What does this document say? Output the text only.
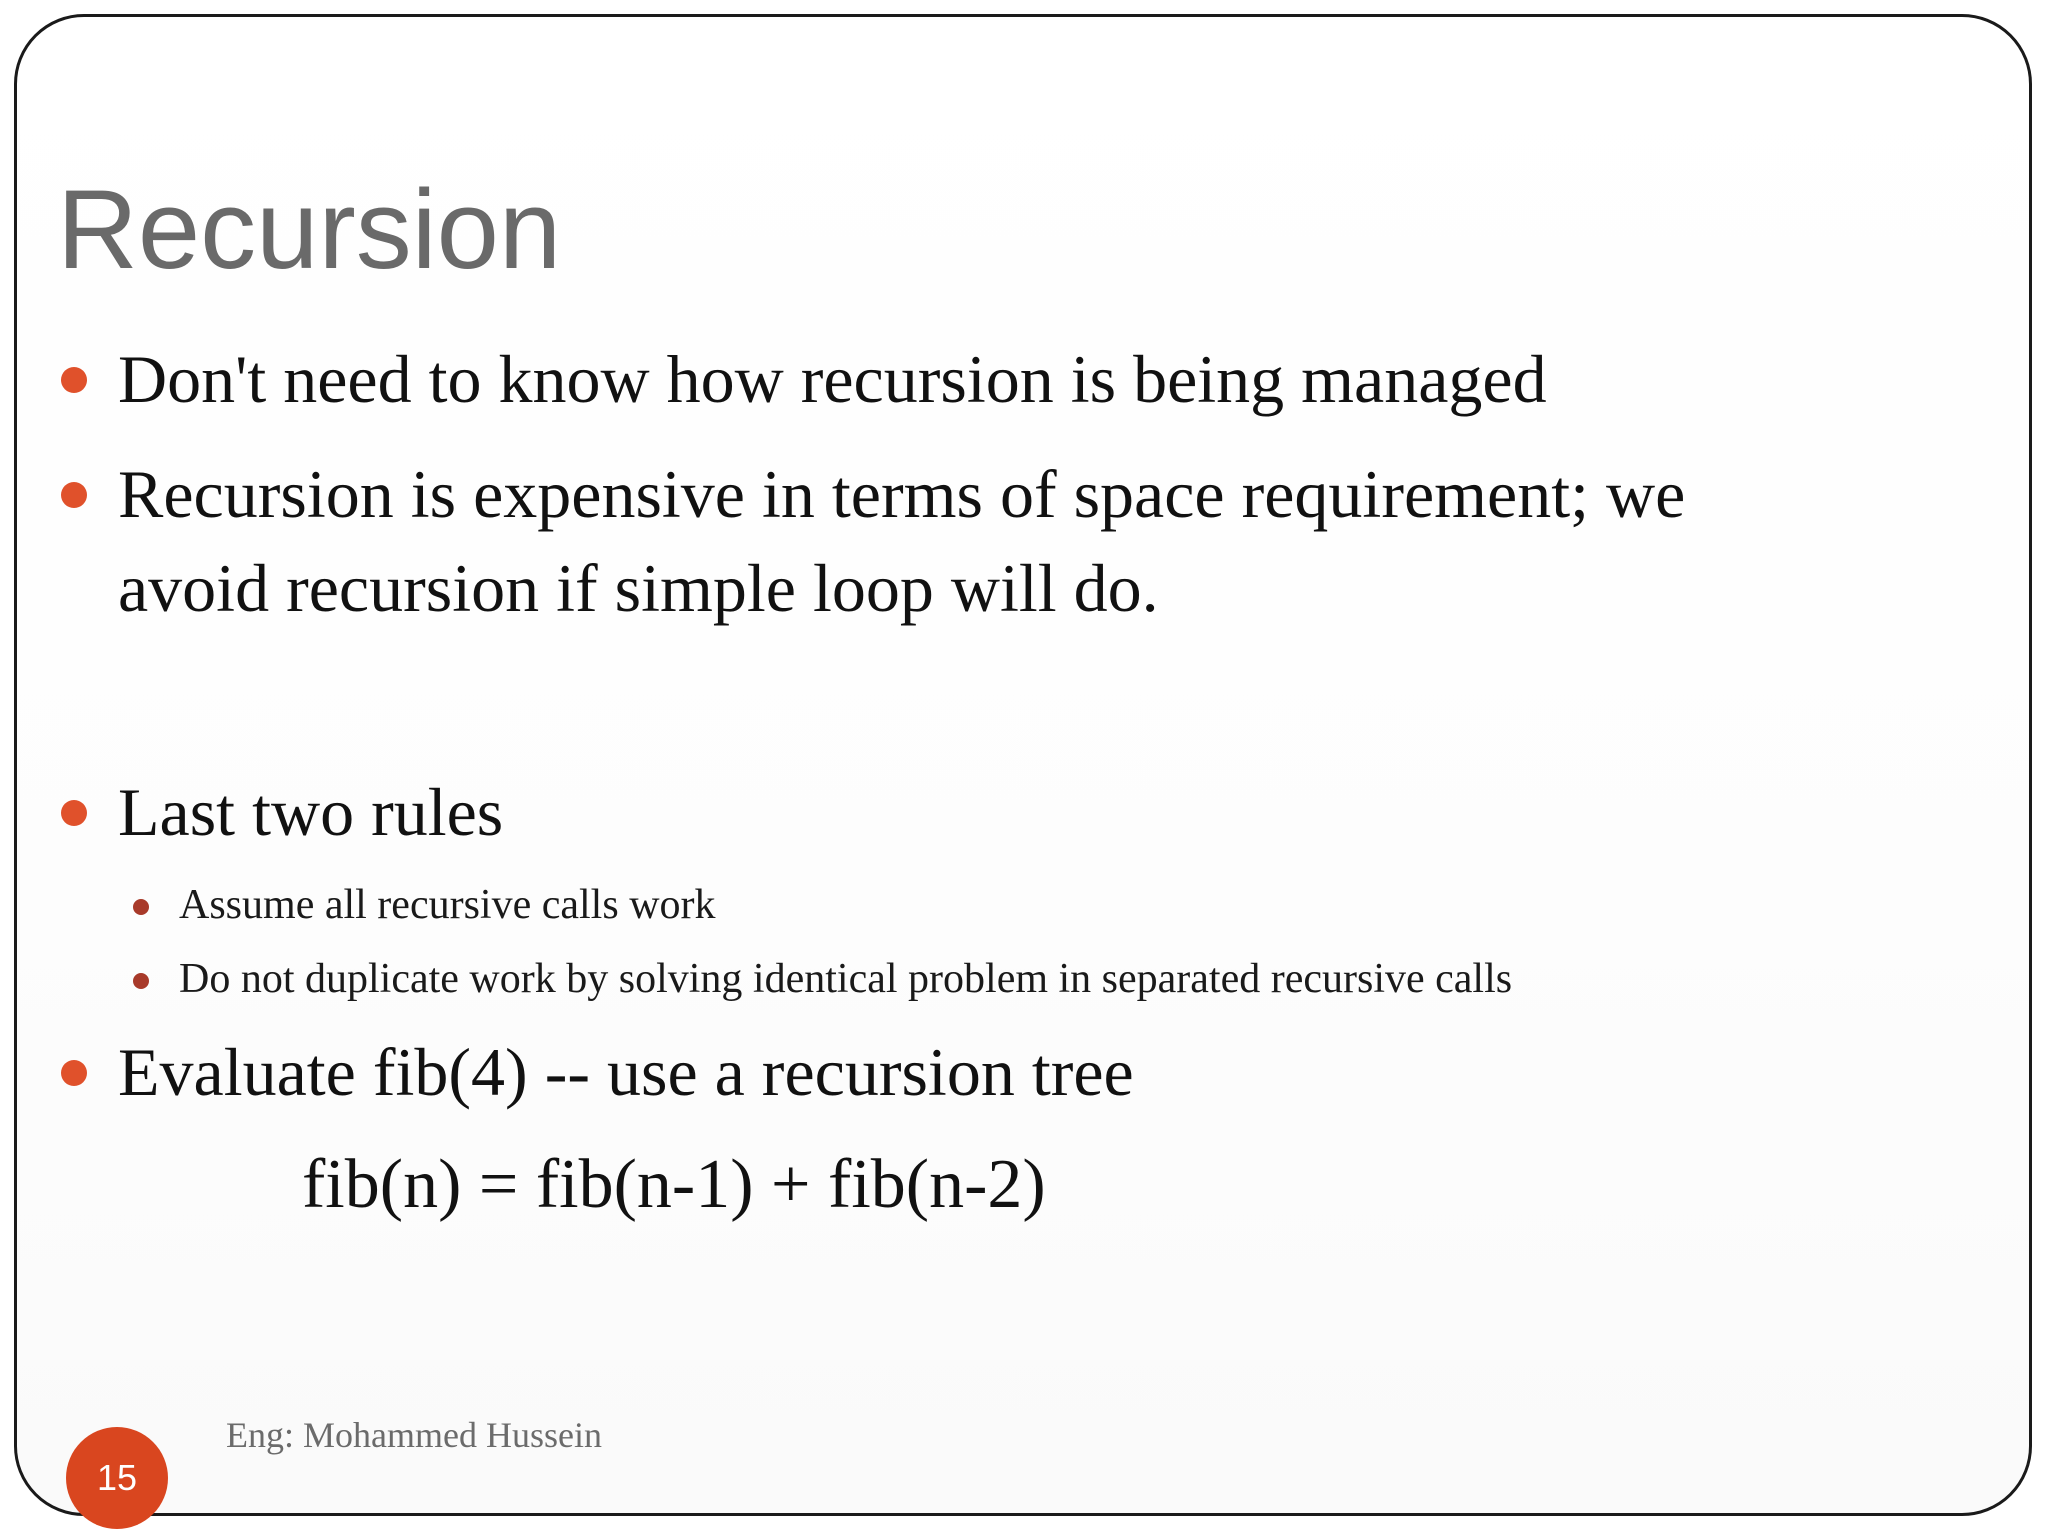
Recursion
Don't need to know how recursion is being managed
Recursion is expensive in terms of space requirement; we avoid recursion if simple loop will do.
Last two rules
Assume all recursive calls work
Do not duplicate work by solving identical problem in separated recursive calls
Evaluate fib(4) -- use a recursion tree
fib(n) = fib(n-1) + fib(n-2)
Eng: Mohammed Hussein
15
